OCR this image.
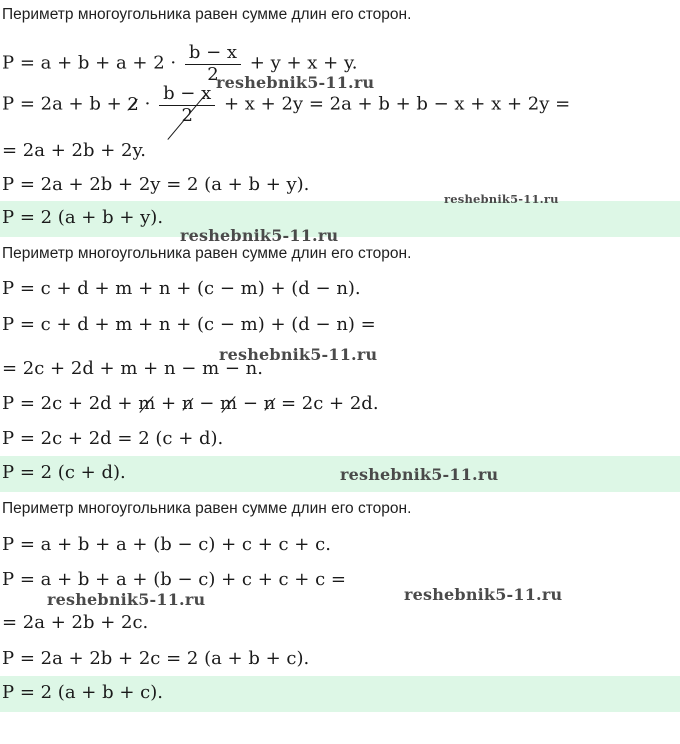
Периметр многоугольника равен сумме длин его сторон.
$P = a + b + a + 2 \cdot \frac{b - x}{2} + y + x + y$.
$P = 2a + b + 2 \cdot \frac{b - x}{2} + x + 2y = 2a + b + b - x + x + 2y$ =
= 2a + 2b + 2y.
P = 2a + 2b + 2y = 2 (a + b + y).
P = 2 (a + b + y).
Периметр многоугольника равен сумме длин его сторон.
P = c + d + m + n + (c − m) + (d − n).
P = c + d + m + n + (c − m) + (d − n) =
= 2c + 2d + m + n − m − n.
P = 2c + 2d + m + n − m − n = 2c + 2d.
P = 2c + 2d = 2 (c + d).
P = 2 (c + d).
Периметр многоугольника равен сумме длин его сторон.
P = a + b + a + (b − c) + c + c + c.
P = a + b + a + (b − c) + c + c + c =
= 2a + 2b + 2c.
P = 2a + 2b + 2c = 2 (a + b + c).
P = 2 (a + b + c).
reshebnik5-11.ru
reshebnik5-11.ru
reshebnik5-11.ru
reshebnik5-11.ru
reshebnik5-11.ru
reshebnik5-11.ru	reshebnik5-11.ru
